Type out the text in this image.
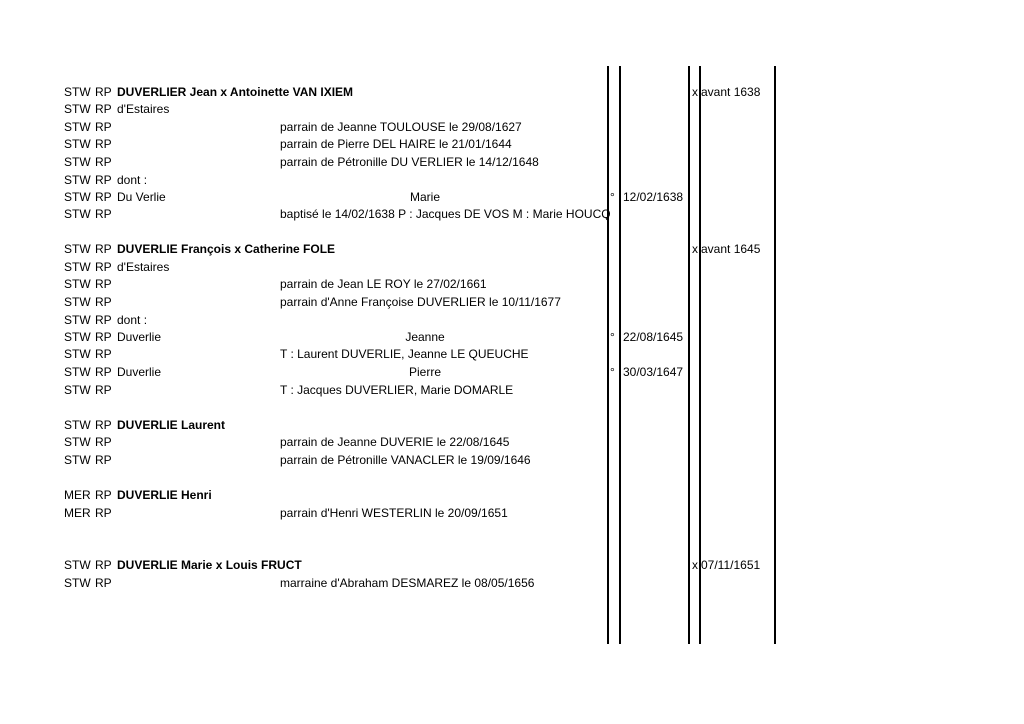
STW RP DUVERLIER Jean x Antoinette VAN IXIEM	x avant 1638
STW RP d'Estaires
STW RP	parrain de Jeanne TOULOUSE le 29/08/1627
STW RP	parrain de Pierre DEL HAIRE le 21/01/1644
STW RP	parrain de Pétronille DU VERLIER le 14/12/1648
STW RP dont :
STW RP Du Verlie	Marie	° 12/02/1638
STW RP	baptisé le 14/02/1638 P : Jacques DE VOS M : Marie HOUCQ
STW RP DUVERLIE François x Catherine FOLE	x avant 1645
STW RP d'Estaires
STW RP	parrain de Jean LE ROY le 27/02/1661
STW RP	parrain d'Anne Françoise DUVERLIER le 10/11/1677
STW RP dont :
STW RP Duverlie	Jeanne	° 22/08/1645
STW RP	T : Laurent DUVERLIE, Jeanne LE QUEUCHE
STW RP Duverlie	Pierre	° 30/03/1647
STW RP	T : Jacques DUVERLIER, Marie DOMARLE
STW RP DUVERLIE Laurent
STW RP	parrain de Jeanne DUVERIE le 22/08/1645
STW RP	parrain de Pétronille VANACLER le 19/09/1646
MER RP DUVERLIE Henri
MER RP	parrain d'Henri WESTERLIN le 20/09/1651
STW RP DUVERLIE Marie x Louis FRUCT	x 07/11/1651
STW RP	marraine d'Abraham DESMAREZ le 08/05/1656
